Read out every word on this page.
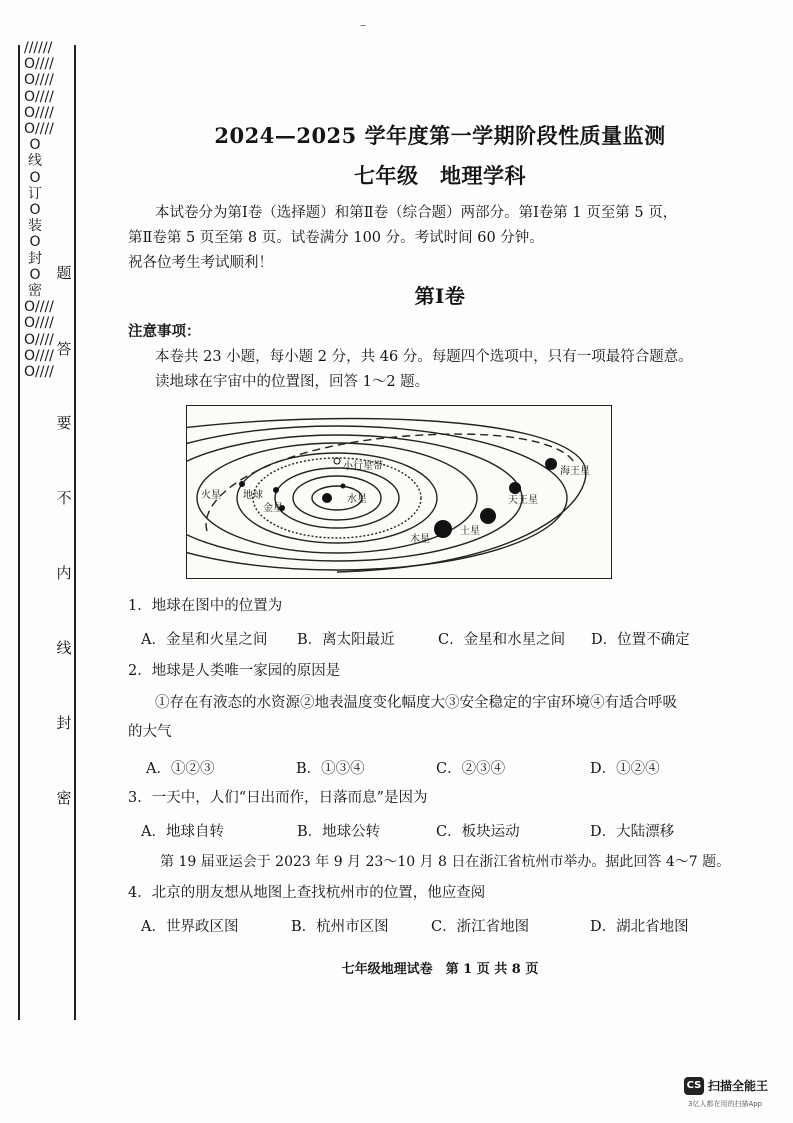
//////O////O////O////O////O//// O 线 O 订 O 装 O 封 O 密 O////O////O////O////O////
题
答
要
不
内
线
封
密
–
2024—2025 学年度第一学期阶段性质量监测
七年级　地理学科
本试卷分为第Ⅰ卷（选择题）和第Ⅱ卷（综合题）两部分。第Ⅰ卷第 1 页至第 5 页，
第Ⅱ卷第 5 页至第 8 页。试卷满分 100 分。考试时间 60 分钟。
祝各位考生考试顺利！
第Ⅰ卷
注意事项：
本卷共 23 小题，每小题 2 分，共 46 分。每题四个选项中，只有一项最符合题意。
读地球在宇宙中的位置图，回答 1～2 题。
小行星带
水星
金星
地球
火星
木星
土星
天王星
海王星
1．地球在图中的位置为
A．金星和火星之间 B．离太阳最近	C．金星和水星之间 D．位置不确定
2．地球是人类唯一家园的原因是
①存在有液态的水资源②地表温度变化幅度大③安全稳定的宇宙环境④有适合呼吸
的大气
A．①②③	B．①③④	C．②③④	D．①②④
3．一天中，人们“日出而作，日落而息”是因为
A．地球自转	B．地球公转	C．板块运动	D．大陆漂移
第 19 届亚运会于 2023 年 9 月 23～10 月 8 日在浙江省杭州市举办。据此回答 4～7 题。
4．北京的朋友想从地图上查找杭州市的位置，他应查阅
A．世界政区图	B．杭州市区图	C．浙江省地图	D．湖北省地图
七年级地理试卷　第 1 页 共 8 页
CS 扫描全能王
3亿人都在用的扫描App
